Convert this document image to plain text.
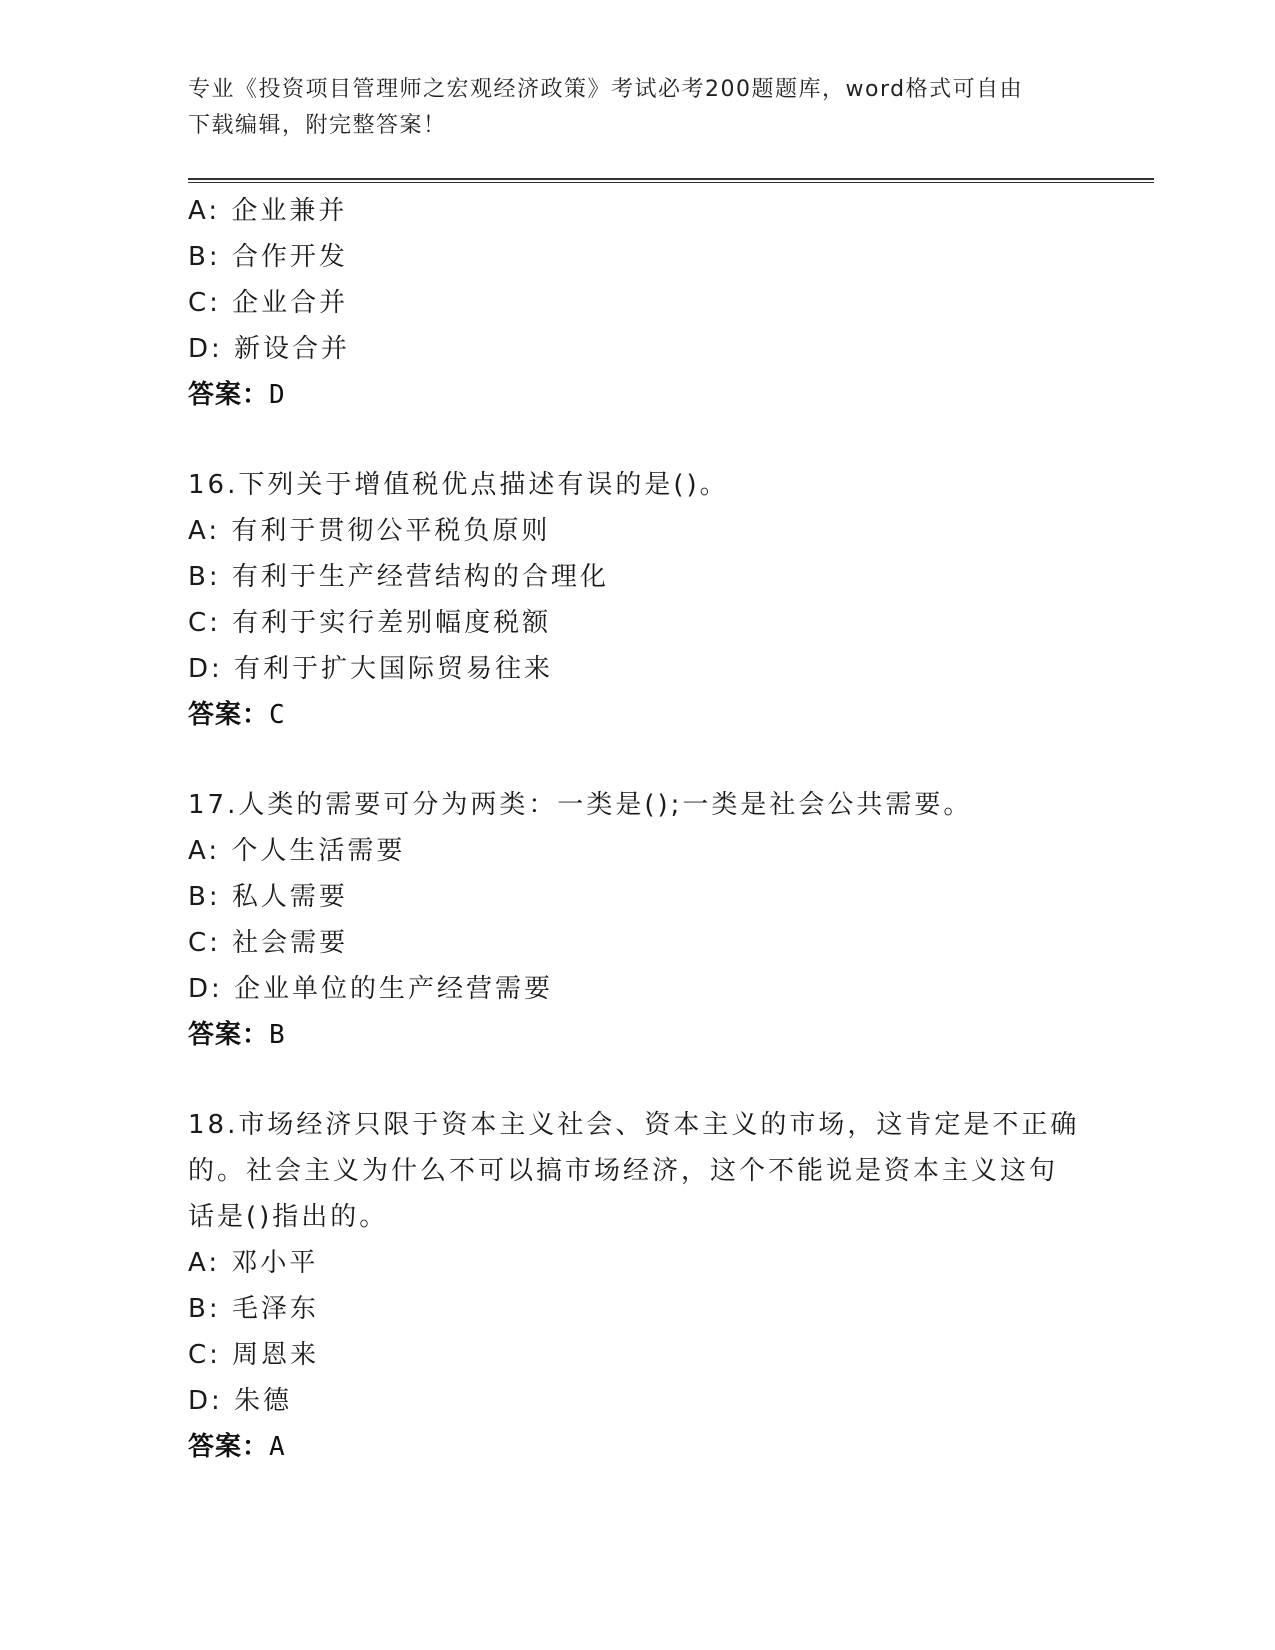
专业《投资项目管理师之宏观经济政策》考试必考200题题库，word格式可自由
下载编辑，附完整答案！
A: 企业兼并
B: 合作开发
C: 企业合并
D: 新设合并
答案：D
16.下列关于增值税优点描述有误的是()。
A: 有利于贯彻公平税负原则
B: 有利于生产经营结构的合理化
C: 有利于实行差别幅度税额
D: 有利于扩大国际贸易往来
答案：C
17.人类的需要可分为两类：一类是();一类是社会公共需要。
A: 个人生活需要
B: 私人需要
C: 社会需要
D: 企业单位的生产经营需要
答案：B
18.市场经济只限于资本主义社会、资本主义的市场，这肯定是不正确
的。社会主义为什么不可以搞市场经济，这个不能说是资本主义这句
话是()指出的。
A: 邓小平
B: 毛泽东
C: 周恩来
D: 朱德
答案：A
